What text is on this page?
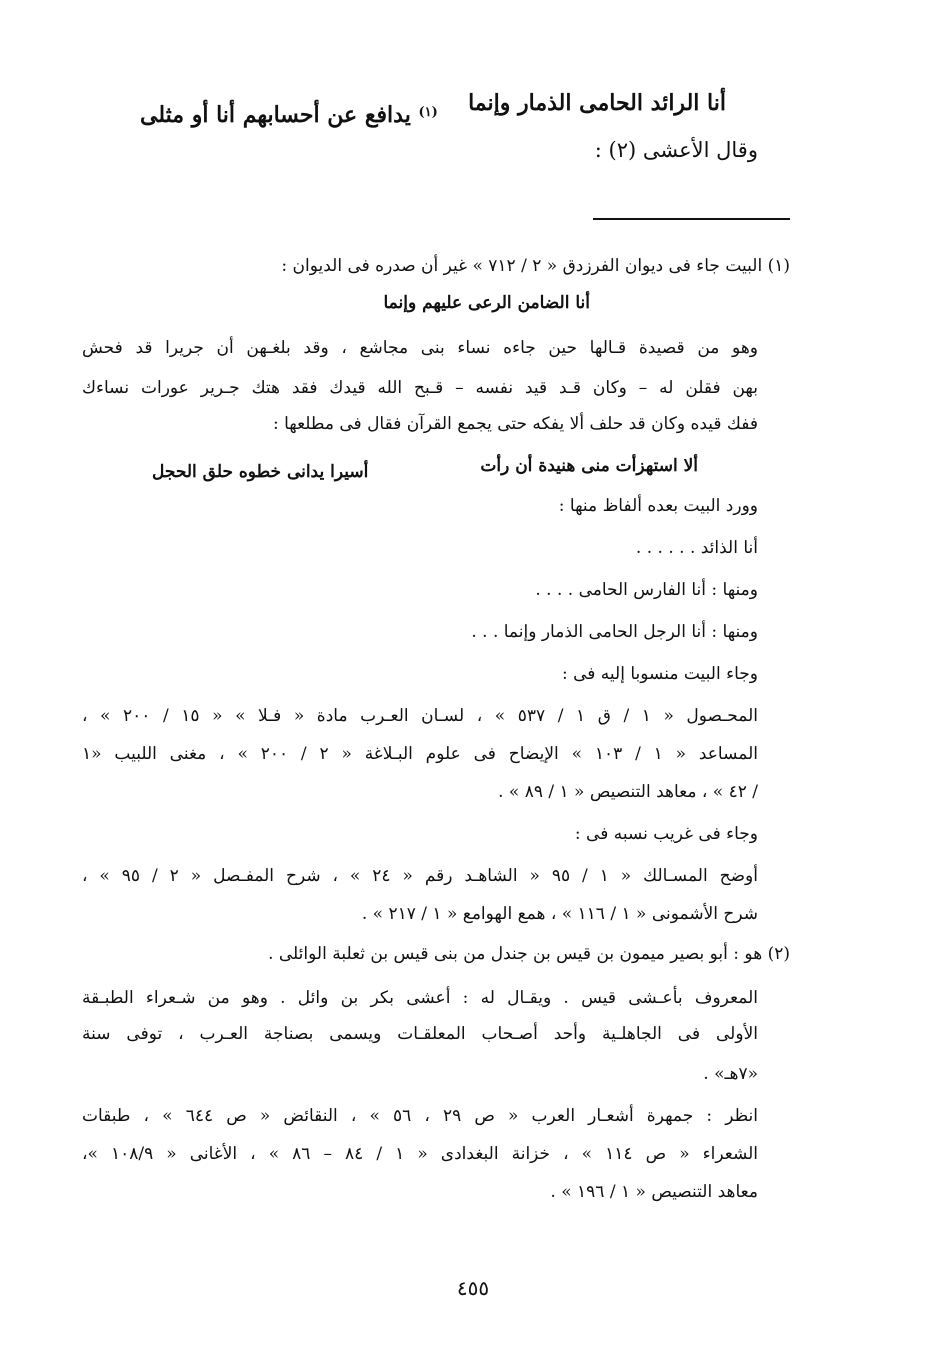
أنا الرائد الحامى الذمار وإنما
$^{(١)}$ يدافع عن أحسابهم أنا أو مثلى
وقال الأعشى (٢) :
(١) البيت جاء فى ديوان الفرزدق « ٢ / ٧١٢ » غير أن صدره فى الديوان :
أنا الضامن الرعى عليهم وإنما
وهو من قصيدة قـالها حين جاءه نساء بنى مجاشع ، وقد بلغـهن أن جريرا قد فحش
بهن فقلن له – وكان قـد قيد نفسه – قـبح الله قيدك فقد هتك جـرير عورات نساءك
ففك قيده وكان قد حلف ألا يفكه حتى يجمع القرآن فقال فى مطلعها :
ألا استهزأت منى هنيدة أن رأت
أسيرا يدانى خطوه حلق الحجل
وورد البيت بعده ألفاظ منها :
أنا الذائد . . . . . .
ومنها : أنا الفارس الحامى . . . .
ومنها : أنا الرجل الحامى الذمار وإنما . . .
وجاء البيت منسوبا إليه فى :
المحـصول « ١ / ق ١ / ٥٣٧ » ، لسـان العـرب مادة « فـلا » « ١٥ / ٢٠٠ » ،
المساعد « ١ / ١٠٣ » الإيضاح فى علوم البـلاغة « ٢ / ٢٠٠ » ، مغنى اللبيب «١
/ ٤٢ » ، معاهد التنصيص « ١ / ٨٩ » .
وجاء فى غريب نسبه فى :
أوضح المسـالك « ١ / ٩٥ « الشاهـد رقم « ٢٤ » ، شرح المفـصل « ٢ / ٩٥ » ،
شرح الأشمونى « ١ / ١١٦ » ، همع الهوامع « ١ / ٢١٧ » .
(٢) هو : أبو بصير ميمون بن قيس بن جندل من بنى قيس بن ثعلبة الوائلى .
المعروف بأعـشى قيس . ويقـال له : أعشى بكر بن وائل . وهو من شـعراء الطبـقة
الأولى فى الجاهلـية وأحد أصـحاب المعلقـات ويسمى بصناجة العـرب ، توفى سنة
«٧هـ» .
انظر : جمهرة أشعـار العرب « ص ٢٩ ، ٥٦ » ، النقائض « ص ٦٤٤ » ، طبقات
الشعراء « ص ١١٤ » ، خزانة البغدادى « ١ / ٨٤ – ٨٦ » ، الأغانى « ١٠٨/٩ »،
معاهد التنصيص « ١ / ١٩٦ » .
٤٥٥
